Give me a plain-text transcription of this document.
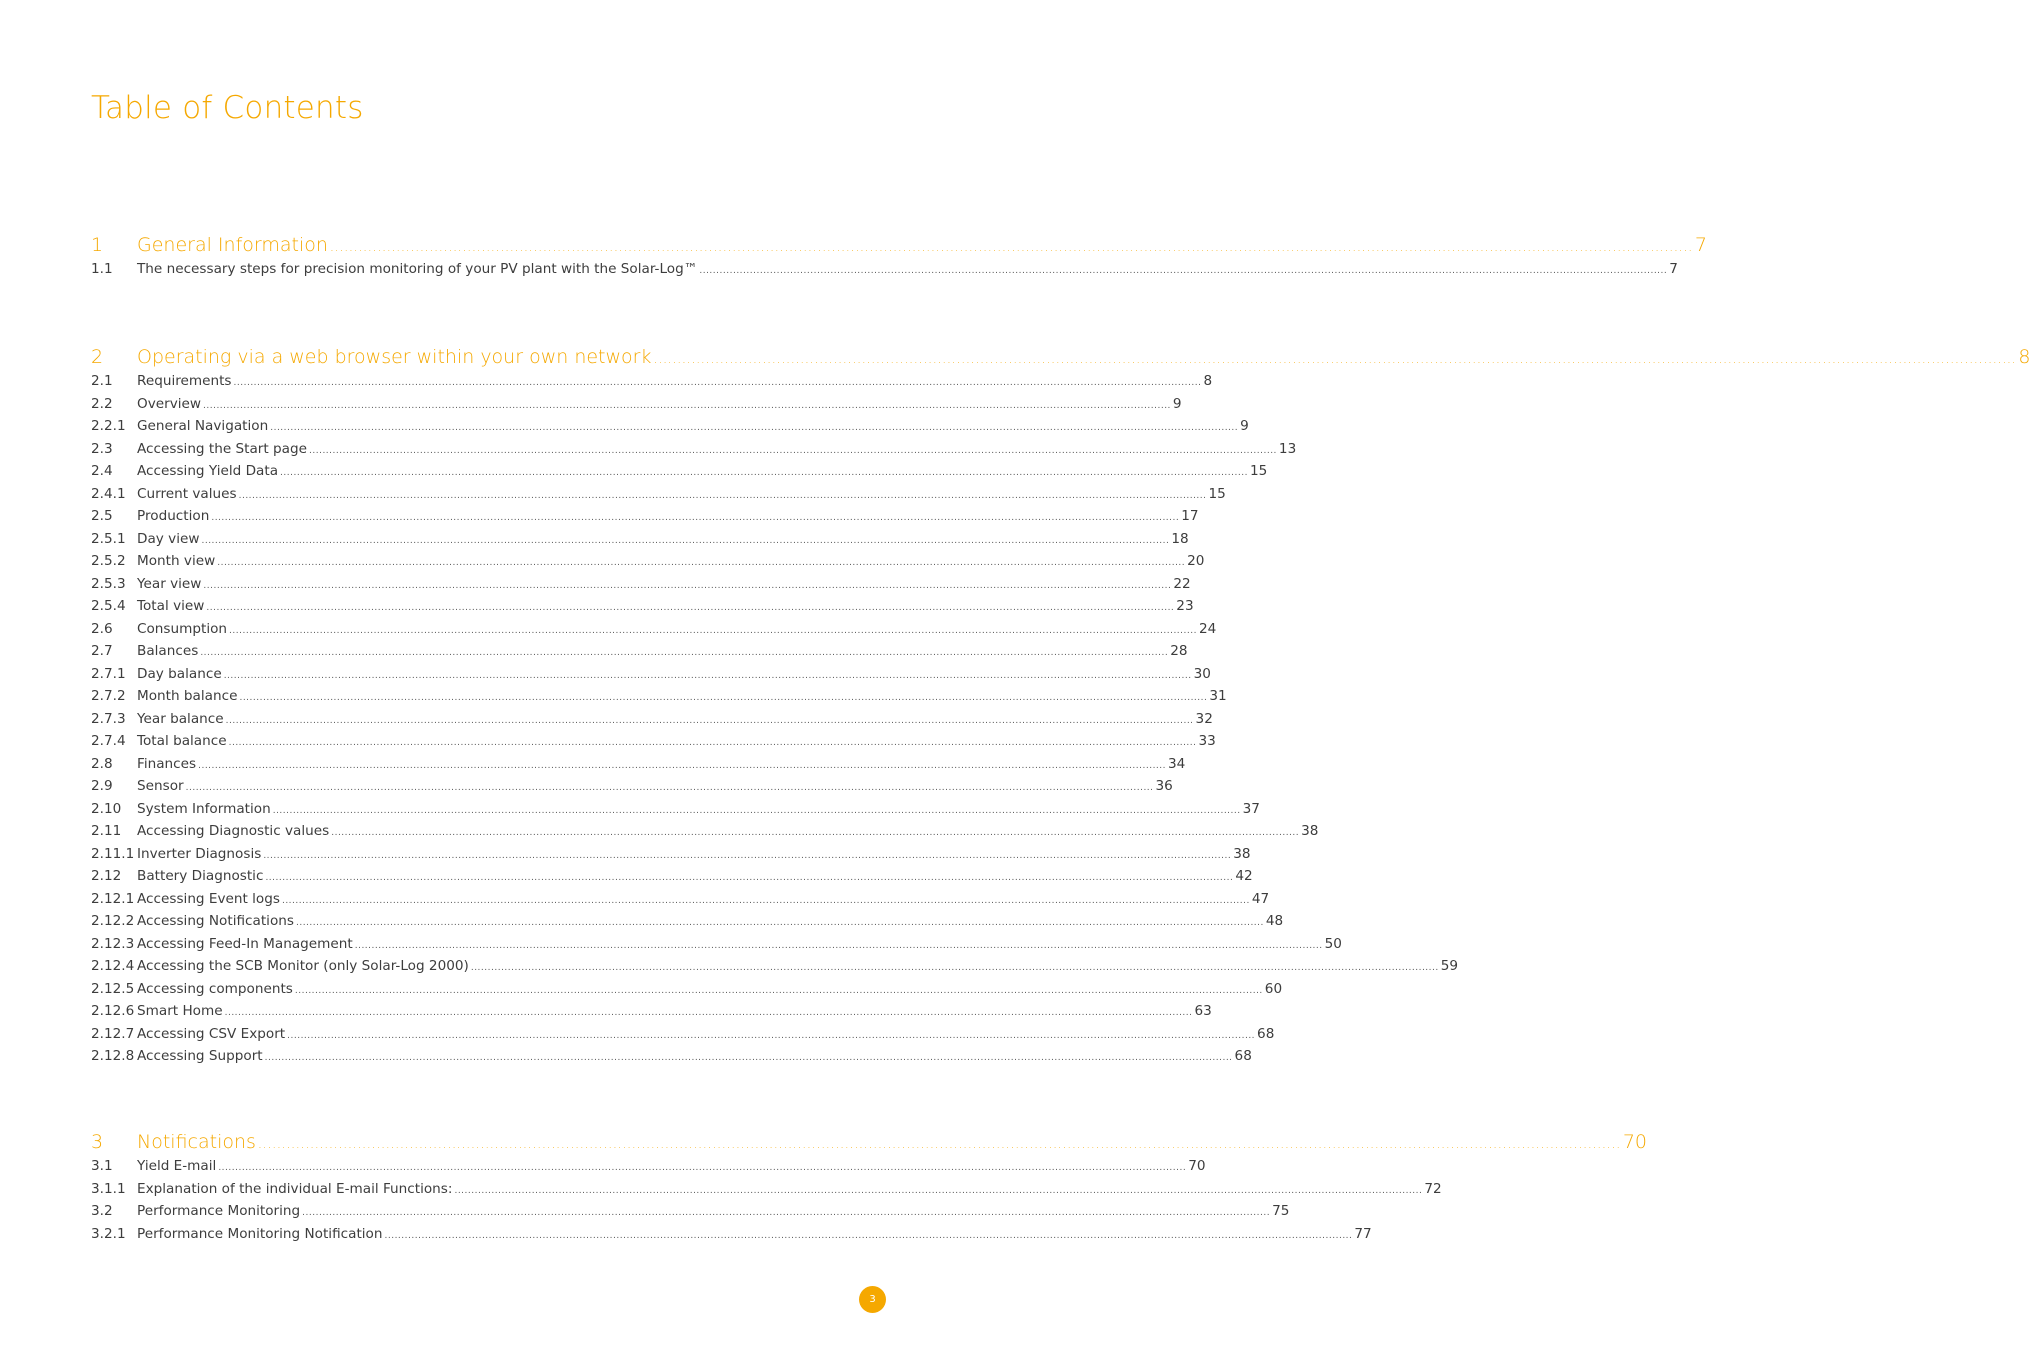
Table of Contents
1	General Information ................................................................................................................................................................................................................................................................................................ 7
1.1	The necessary steps for precision monitoring of your PV plant with the Solar-Log™ ................................................................................................................................................................................................................................................................................................ 7
2	Operating via a web browser within your own network ................................................................................................................................................................................................................................................................................................ 8
2.1	Requirements ................................................................................................................................................................................................................................................................................................ 8
2.2	Overview ................................................................................................................................................................................................................................................................................................ 9
2.2.1 General Navigation ................................................................................................................................................................................................................................................................................................ 9
2.3	Accessing the Start page ................................................................................................................................................................................................................................................................................................ 13
2.4	Accessing Yield Data ................................................................................................................................................................................................................................................................................................ 15
2.4.1 Current values ................................................................................................................................................................................................................................................................................................ 15
2.5	Production ................................................................................................................................................................................................................................................................................................ 17
2.5.1 Day view ................................................................................................................................................................................................................................................................................................ 18
2.5.2 Month view ................................................................................................................................................................................................................................................................................................ 20
2.5.3 Year view ................................................................................................................................................................................................................................................................................................ 22
2.5.4 Total view ................................................................................................................................................................................................................................................................................................ 23
2.6	Consumption ................................................................................................................................................................................................................................................................................................ 24
2.7	Balances ................................................................................................................................................................................................................................................................................................ 28
2.7.1 Day balance ................................................................................................................................................................................................................................................................................................ 30
2.7.2 Month balance ................................................................................................................................................................................................................................................................................................ 31
2.7.3 Year balance ................................................................................................................................................................................................................................................................................................ 32
2.7.4 Total balance ................................................................................................................................................................................................................................................................................................ 33
2.8	Finances ................................................................................................................................................................................................................................................................................................ 34
2.9	Sensor ................................................................................................................................................................................................................................................................................................ 36
2.10	System Information ................................................................................................................................................................................................................................................................................................ 37
2.11	Accessing Diagnostic values ................................................................................................................................................................................................................................................................................................ 38
2.11.1 Inverter Diagnosis ................................................................................................................................................................................................................................................................................................ 38
2.12	Battery Diagnostic ................................................................................................................................................................................................................................................................................................ 42
2.12.1 Accessing Event logs ................................................................................................................................................................................................................................................................................................ 47
2.12.2 Accessing Notifications ................................................................................................................................................................................................................................................................................................ 48
2.12.3 Accessing Feed-In Management ................................................................................................................................................................................................................................................................................................ 50
2.12.4 Accessing the SCB Monitor (only Solar-Log 2000) ................................................................................................................................................................................................................................................................................................ 59
2.12.5 Accessing components ................................................................................................................................................................................................................................................................................................ 60
2.12.6 Smart Home ................................................................................................................................................................................................................................................................................................ 63
2.12.7 Accessing CSV Export ................................................................................................................................................................................................................................................................................................ 68
2.12.8 Accessing Support ................................................................................................................................................................................................................................................................................................ 68
3	Notifications ................................................................................................................................................................................................................................................................................................ 70
3.1	Yield E-mail ................................................................................................................................................................................................................................................................................................ 70
3.1.1 Explanation of the individual E-mail Functions: ................................................................................................................................................................................................................................................................................................ 72
3.2	Performance Monitoring ................................................................................................................................................................................................................................................................................................ 75
3.2.1 Performance Monitoring Notification ................................................................................................................................................................................................................................................................................................ 77
3
